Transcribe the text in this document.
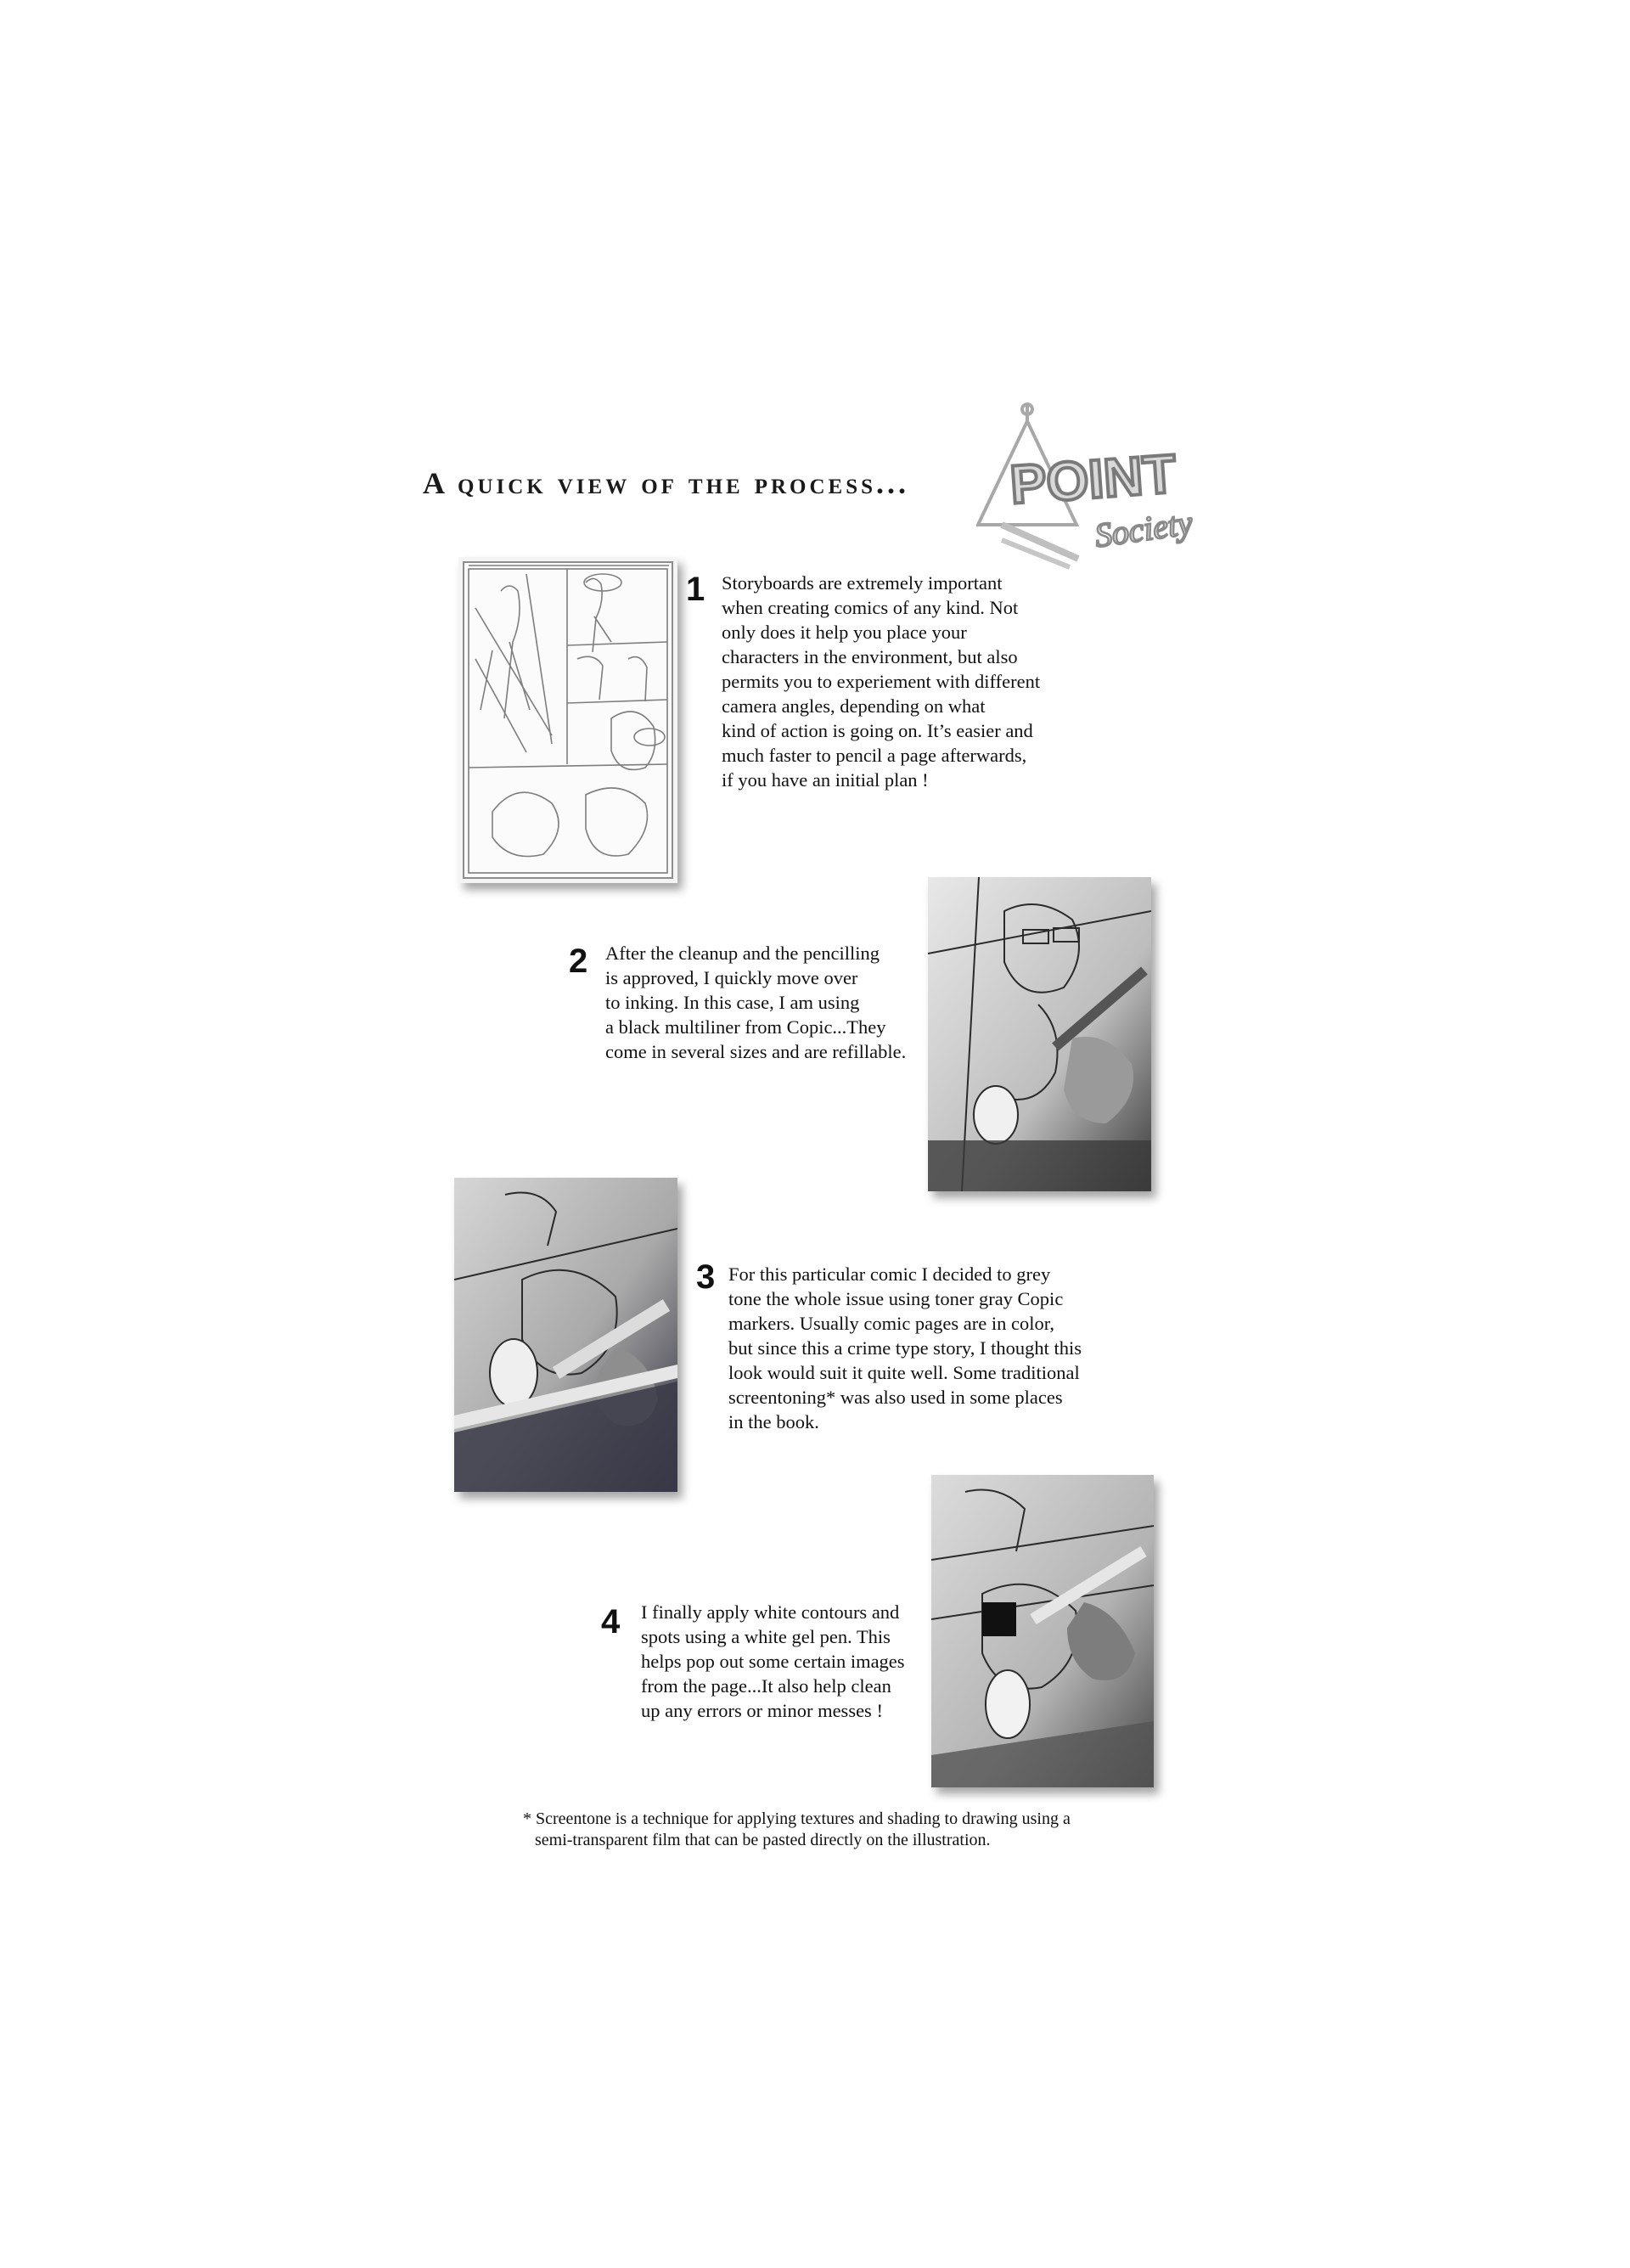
A quick view of the process... POINT
Society
1 Storyboards are extremely important
when creating comics of any kind. Not
only does it help you place your
characters in the environment, but also
permits you to experiement with different
camera angles, depending on what
kind of action is going on. It’s easier and
much faster to pencil a page afterwards,
if you have an initial plan !
2 After the cleanup and the pencilling
is approved, I quickly move over
to inking. In this case, I am using
a black multiliner from Copic...They
come in several sizes and are refillable.
3 For this particular comic I decided to grey
tone the whole issue using toner gray Copic
markers. Usually comic pages are in color,
but since this a crime type story, I thought this
look would suit it quite well. Some traditional
screentoning* was also used in some places
in the book.
4 I finally apply white contours and
spots using a white gel pen. This
helps pop out some certain images
from the page...It also help clean
up any errors or minor messes !
* Screentone is a technique for applying textures and shading to drawing using a
semi-transparent film that can be pasted directly on the illustration.
